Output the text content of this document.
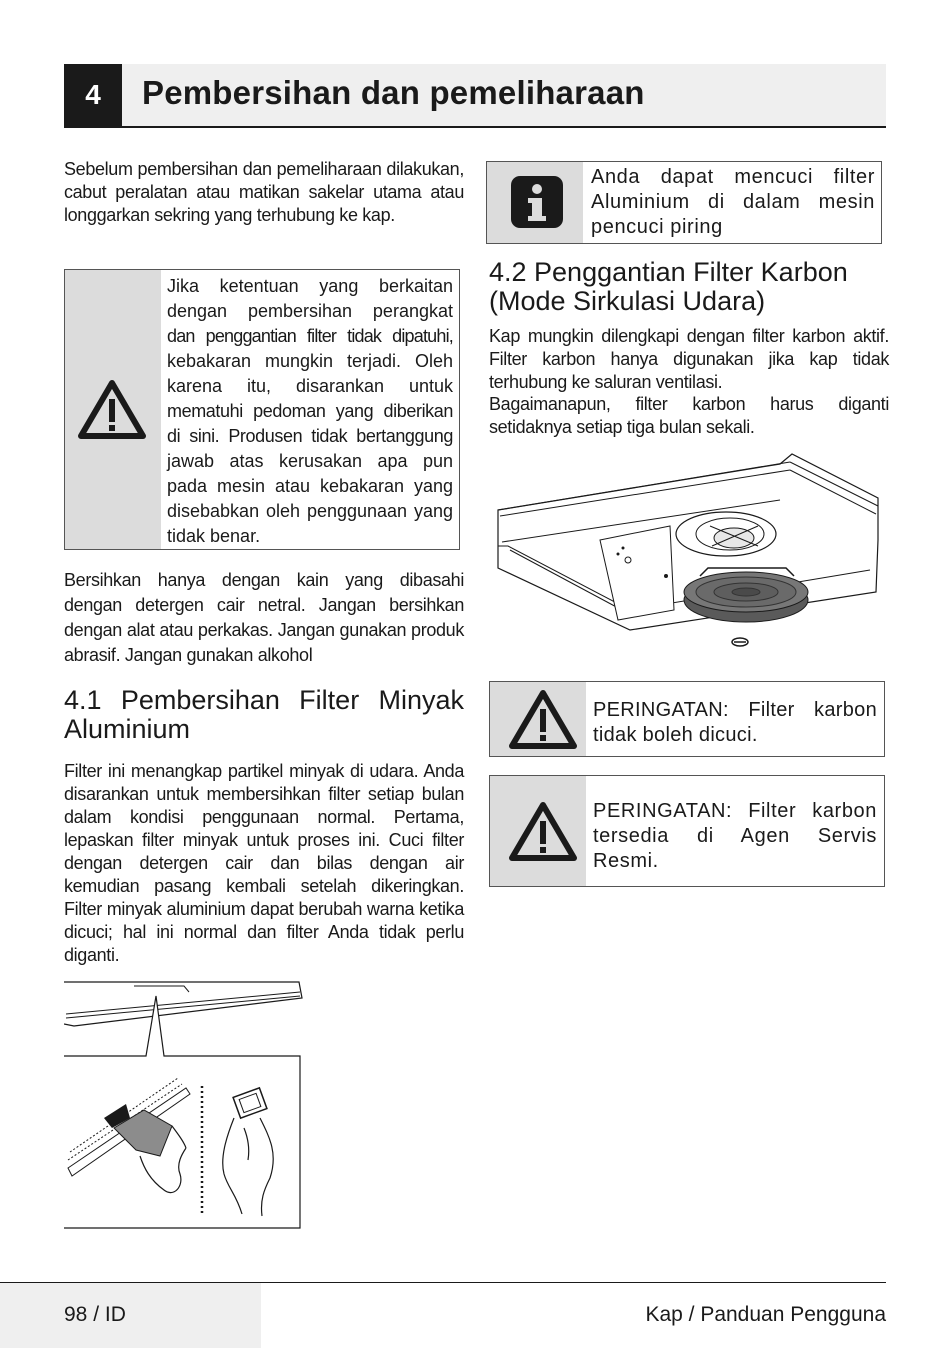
4	Pembersihan dan pemeliharaan
Sebelum pembersihan dan pemeliharaan dilakukan, cabut peralatan atau matikan sakelar utama atau longgarkan sekring yang terhubung ke kap.
Jika ketentuan yang berkaitan
dengan pembersihan perangkat
dan penggantian filter tidak dipatuhi,
kebakaran mungkin terjadi. Oleh
karena itu, disarankan untuk
mematuhi pedoman yang diberikan
di sini. Produsen tidak bertanggung
jawab atas kerusakan apa pun
pada mesin atau kebakaran yang
disebabkan oleh penggunaan yang
tidak benar.
Bersihkan hanya dengan kain yang dibasahi dengan detergen cair netral. Jangan bersihkan dengan alat atau perkakas. Jangan gunakan produk abrasif. Jangan gunakan alkohol
4.1 Pembersihan Filter Minyak Aluminium
Filter ini menangkap partikel minyak di udara. Anda disarankan untuk membersihkan filter setiap bulan dalam kondisi penggunaan normal. Pertama, lepaskan filter minyak untuk proses ini. Cuci filter dengan detergen cair dan bilas dengan air kemudian pasang kembali setelah dikeringkan. Filter minyak aluminium dapat berubah warna ketika dicuci; hal ini normal dan filter Anda tidak perlu diganti.
Anda dapat mencuci filter Aluminium di dalam mesin pencuci piring
4.2 Penggantian Filter Karbon (Mode Sirkulasi Udara)
Kap mungkin dilengkapi dengan filter karbon aktif. Filter karbon hanya digunakan jika kap tidak terhubung ke saluran ventilasi.
Bagaimanapun, filter karbon harus diganti setidaknya setiap tiga bulan sekali.
PERINGATAN: Filter karbon tidak boleh dicuci.
PERINGATAN: Filter karbon tersedia di Agen Servis Resmi.
98 / ID	Kap / Panduan Pengguna
